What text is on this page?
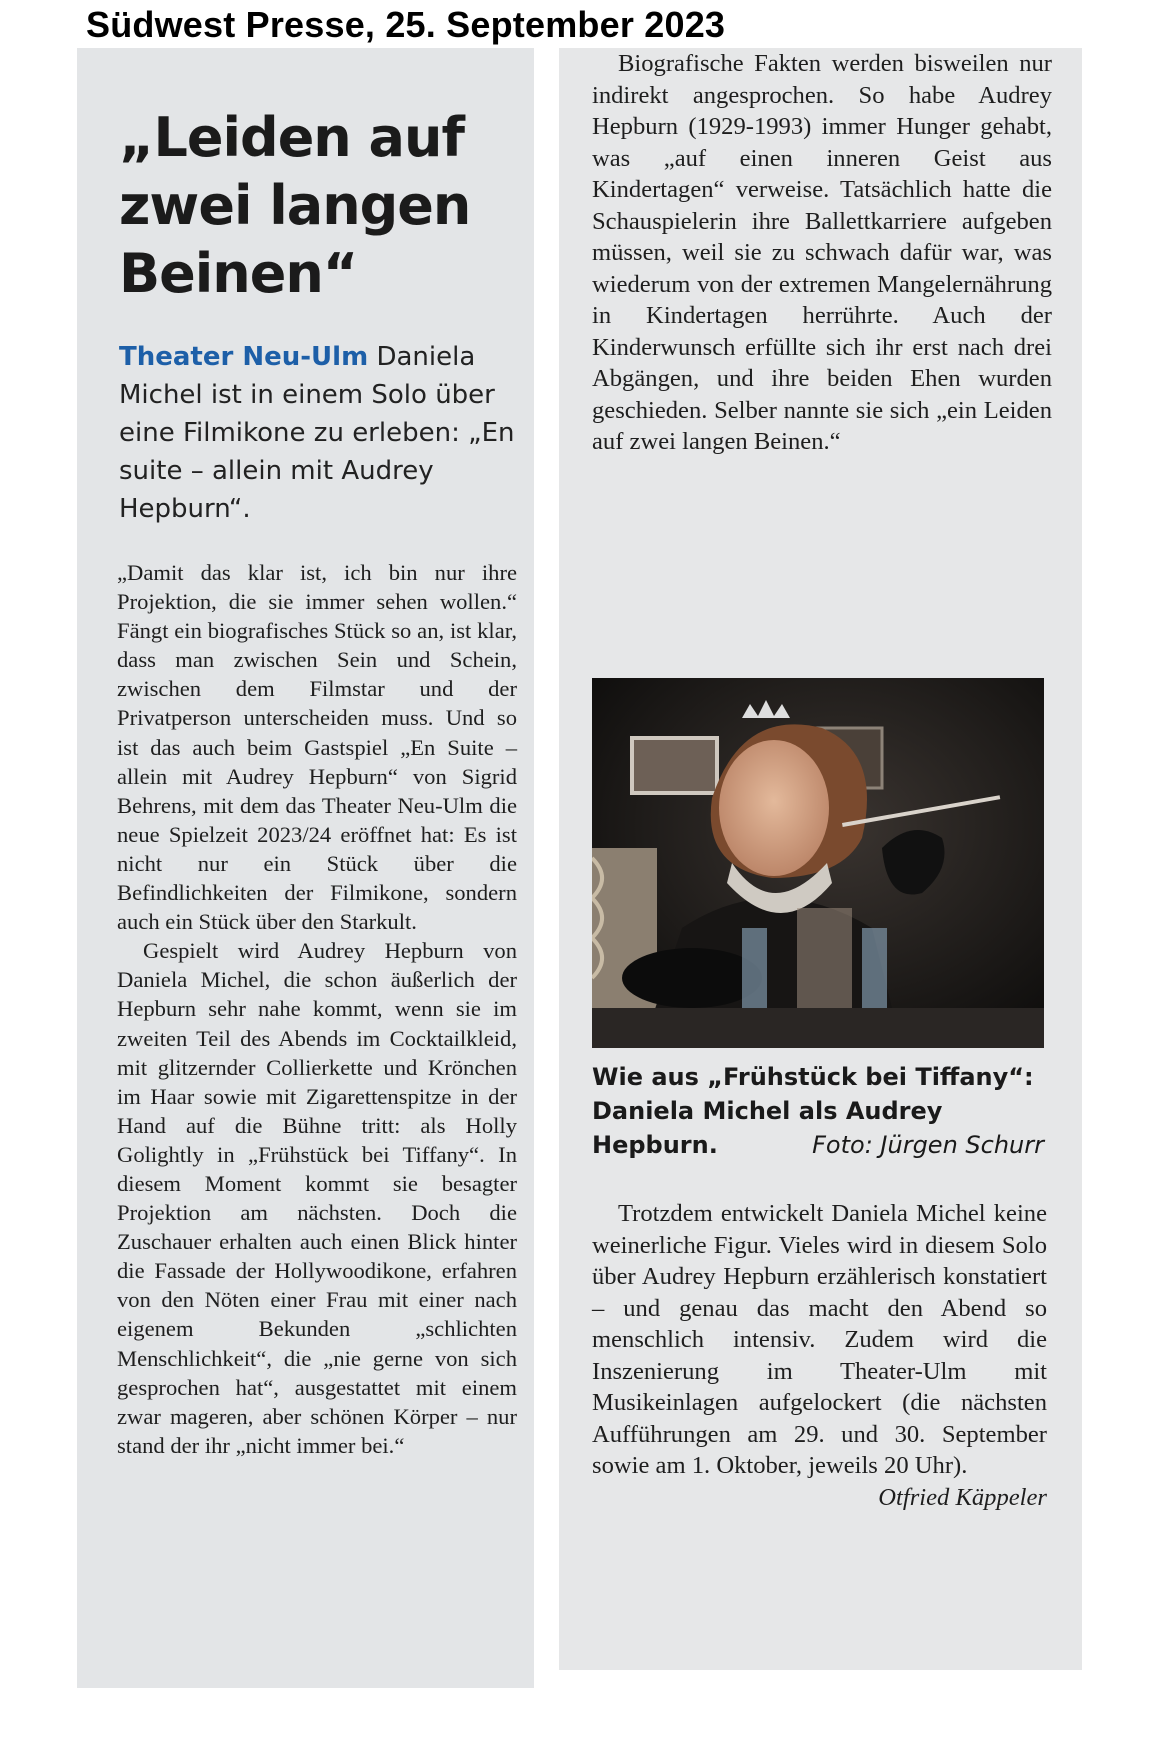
Südwest Presse, 25. September 2023
„Leiden auf zwei langen Beinen“

Theater Neu-Ulm Daniela Michel ist in einem Solo über eine Filmikone zu erleben: „En suite – allein mit Audrey Hepburn“.

„Damit das klar ist, ich bin nur ihre Projektion, die sie immer sehen wollen.“ Fängt ein biografisches Stück so an, ist klar, dass man zwischen Sein und Schein, zwischen dem Filmstar und der Privatperson unterscheiden muss. Und so ist das auch beim Gastspiel „En Suite – allein mit Audrey Hepburn“ von Sigrid Behrens, mit dem das Theater Neu-Ulm die neue Spielzeit 2023/24 eröffnet hat: Es ist nicht nur ein Stück über die Befindlichkeiten der Filmikone, sondern auch ein Stück über den Starkult.

Gespielt wird Audrey Hepburn von Daniela Michel, die schon äußerlich der Hepburn sehr nahe kommt, wenn sie im zweiten Teil des Abends im Cocktailkleid, mit glitzernder Collierkette und Krönchen im Haar sowie mit Zigarettenspitze in der Hand auf die Bühne tritt: als Holly Golightly in „Frühstück bei Tiffany“. In diesem Moment kommt sie besagter Projektion am nächsten. Doch die Zuschauer erhalten auch einen Blick hinter die Fassade der Hollywoodikone, erfahren von den Nöten einer Frau mit einer nach eigenem Bekunden „schlichten Menschlichkeit“, die „nie gerne von sich gesprochen hat“, ausgestattet mit einem zwar mageren, aber schönen Körper – nur stand der ihr „nicht immer bei.“

Biografische Fakten werden bisweilen nur indirekt angesprochen. So habe Audrey Hepburn (1929-1993) immer Hunger gehabt, was „auf einen inneren Geist aus Kindertagen“ verweise. Tatsächlich hatte die Schauspielerin ihre Ballettkarriere aufgeben müssen, weil sie zu schwach dafür war, was wiederum von der extremen Mangelernährung in Kindertagen herrührte. Auch der Kinderwunsch erfüllte sich ihr erst nach drei Abgängen, und ihre beiden Ehen wurden geschieden. Selber nannte sie sich „ein Leiden auf zwei langen Beinen.“

Wie aus „Frühstück bei Tiffany“: Daniela Michel als Audrey Hepburn.	Foto: Jürgen Schurr

Trotzdem entwickelt Daniela Michel keine weinerliche Figur. Vieles wird in diesem Solo über Audrey Hepburn erzählerisch konstatiert – und genau das macht den Abend so menschlich intensiv. Zudem wird die Inszenierung im Theater-Ulm mit Musikeinlagen aufgelockert (die nächsten Aufführungen am 29. und 30. September sowie am 1. Oktober, jeweils 20 Uhr).
Otfried Käppeler
